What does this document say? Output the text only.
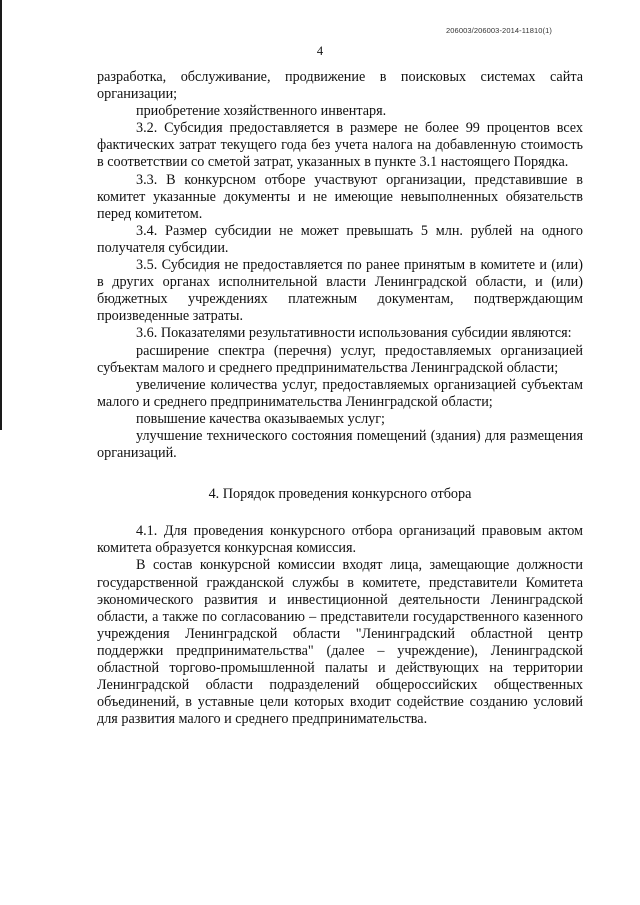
206003/206003-2014-11810(1)
4

разработка, обслуживание, продвижение в поисковых системах сайта организации;

приобретение хозяйственного инвентаря.

3.2. Субсидия предоставляется в размере не более 99 процентов всех фактических затрат текущего года без учета налога на добавленную стоимость в соответствии со сметой затрат, указанных в пункте 3.1 настоящего Порядка.

3.3. В конкурсном отборе участвуют организации, представившие в комитет указанные документы и не имеющие невыполненных обязательств перед комитетом.

3.4. Размер субсидии не может превышать 5 млн. рублей на одного получателя субсидии.

3.5. Субсидия не предоставляется по ранее принятым в комитете и (или) в других органах исполнительной власти Ленинградской области, и (или) бюджетных учреждениях платежным документам, подтверждающим произведенные затраты.

3.6. Показателями результативности использования субсидии являются:

расширение спектра (перечня) услуг, предоставляемых организацией субъектам малого и среднего предпринимательства Ленинградской области;

увеличение количества услуг, предоставляемых организацией субъектам малого и среднего предпринимательства Ленинградской области;

повышение качества оказываемых услуг;

улучшение технического состояния помещений (здания) для размещения организаций.

4. Порядок проведения конкурсного отбора

4.1. Для проведения конкурсного отбора организаций правовым актом комитета образуется конкурсная комиссия.

В состав конкурсной комиссии входят лица, замещающие должности государственной гражданской службы в комитете, представители Комитета экономического развития и инвестиционной деятельности Ленинградской области, а также по согласованию – представители государственного казенного учреждения Ленинградской области "Ленинградский областной центр поддержки предпринимательства" (далее – учреждение), Ленинградской областной торгово-промышленной палаты и действующих на территории Ленинградской области подразделений общероссийских общественных объединений, в уставные цели которых входит содействие созданию условий для развития малого и среднего предпринимательства.
